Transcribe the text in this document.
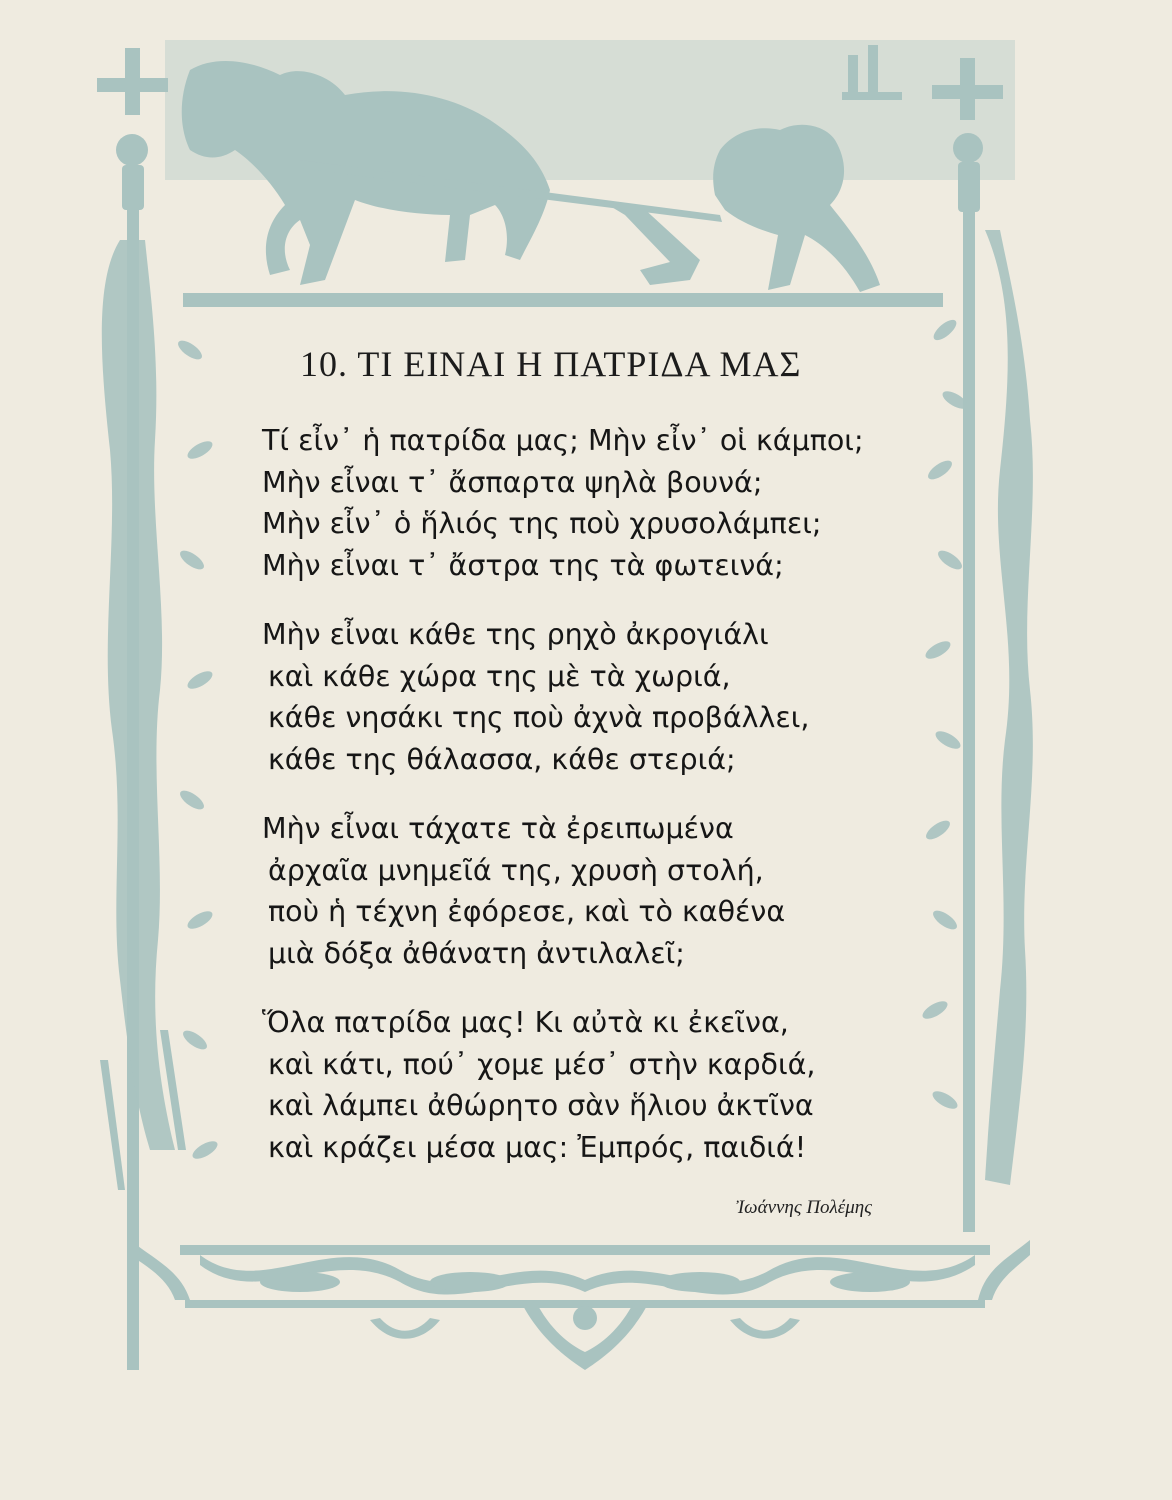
10. ΤΙ ΕΙΝΑΙ Η ΠΑΤΡΙΔΑ ΜΑΣ
Τί εἶν᾽ ἡ πατρίδα μας; Μὴν εἶν᾽ οἱ κάμποι;
Μὴν εἶναι τ᾽ ἄσπαρτα ψηλὰ βουνά;
Μὴν εἶν᾽ ὁ ἥλιός της ποὺ χρυσολάμπει;
Μὴν εἶναι τ᾽ ἄστρα της τὰ φωτεινά;
Μὴν εἶναι κάθε της ρηχὸ ἀκρογιάλι
καὶ κάθε χώρα της μὲ τὰ χωριά,
κάθε νησάκι της ποὺ ἀχνὰ προβάλλει,
κάθε της θάλασσα, κάθε στεριά;
Μὴν εἶναι τάχατε τὰ ἐρειπωμένα
ἀρχαῖα μνημεῖά της, χρυσὴ στολή,
ποὺ ἡ τέχνη ἐφόρεσε, καὶ τὸ καθένα
μιὰ δόξα ἀθάνατη ἀντιλαλεῖ;
Ὅλα πατρίδα μας! Κι αὐτὰ κι ἐκεῖνα,
καὶ κάτι, πού᾽ χομε μέσ᾽ στὴν καρδιά,
καὶ λάμπει ἀθώρητο σὰν ἥλιου ἀκτῖνα
καὶ κράζει μέσα μας: Ἐμπρός, παιδιά!
Ἰωάννης Πολέμης
